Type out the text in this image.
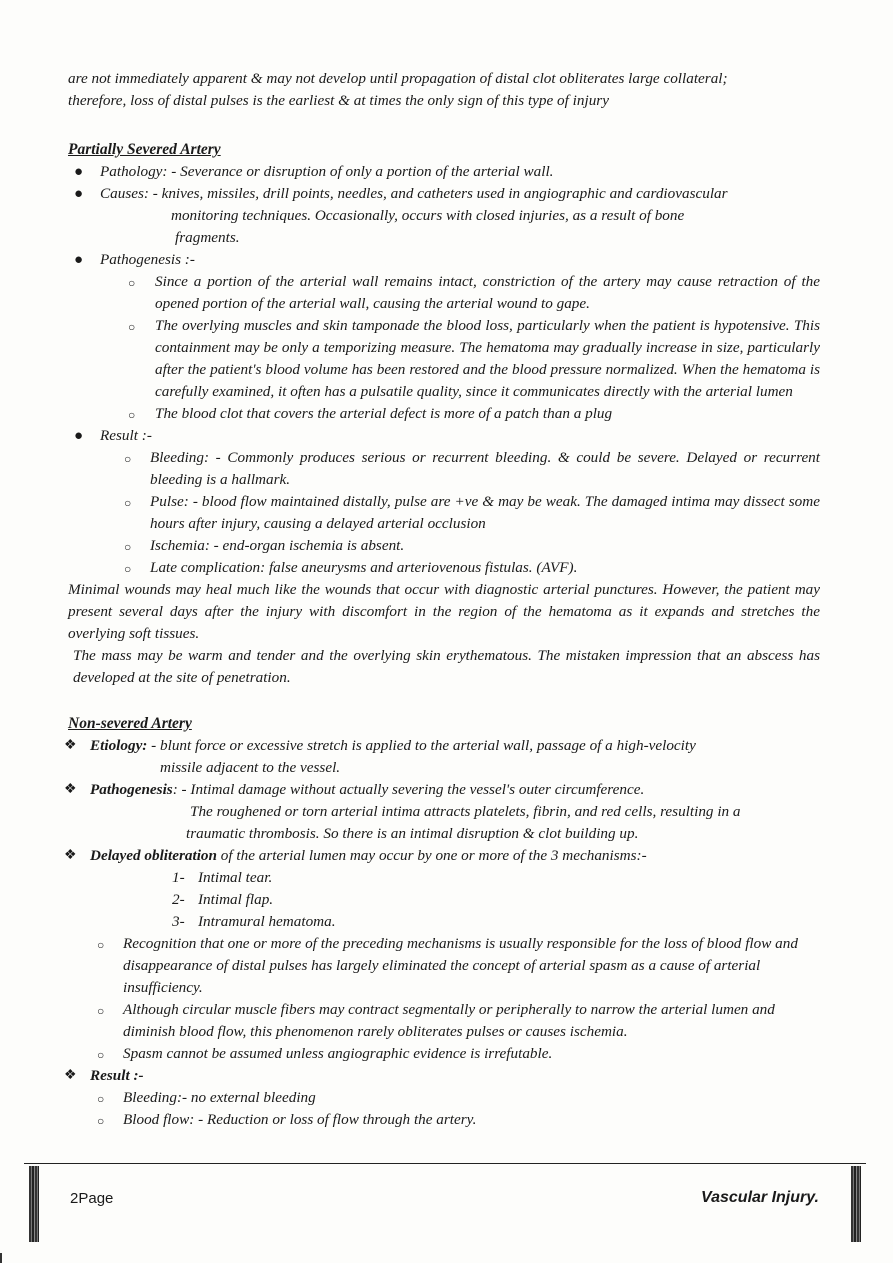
are not immediately apparent & may not develop until propagation of distal clot obliterates large collateral;

therefore, loss of distal pulses is the earliest & at times the only sign of this type of injury

Partially Severed Artery

● Pathology: - Severance or disruption of only a portion of the arterial wall.
● Causes: - knives, missiles, drill points, needles, and catheters used in angiographic and cardiovascular

monitoring techniques. Occasionally, occurs with closed injuries, as a result of bone

fragments.

● Pathogenesis :-
○ Since a portion of the arterial wall remains intact, constriction of the artery may cause retraction of the opened portion of the arterial wall, causing the arterial wound to gape.
○ The overlying muscles and skin tamponade the blood loss, particularly when the patient is hypotensive. This containment may be only a temporizing measure. The hematoma may gradually increase in size, particularly after the patient's blood volume has been restored and the blood pressure normalized. When the hematoma is carefully examined, it often has a pulsatile quality, since it communicates directly with the arterial lumen
○ The blood clot that covers the arterial defect is more of a patch than a plug
● Result :-
○ Bleeding: - Commonly produces serious or recurrent bleeding. & could be severe. Delayed or recurrent bleeding is a hallmark.
○ Pulse: - blood flow maintained distally, pulse are +ve & may be weak. The damaged intima may dissect some hours after injury, causing a delayed arterial occlusion
○ Ischemia: - end-organ ischemia is absent.
○ Late complication: false aneurysms and arteriovenous fistulas. (AVF).

Minimal wounds may heal much like the wounds that occur with diagnostic arterial punctures. However, the patient may present several days after the injury with discomfort in the region of the hematoma as it expands and stretches the overlying soft tissues.

The mass may be warm and tender and the overlying skin erythematous. The mistaken impression that an abscess has developed at the site of penetration.

Non-severed Artery

❖ Etiology: - blunt force or excessive stretch is applied to the arterial wall, passage of a high-velocity

missile adjacent to the vessel.

❖ Pathogenesis: - Intimal damage without actually severing the vessel's outer circumference.

The roughened or torn arterial intima attracts platelets, fibrin, and red cells, resulting in a

traumatic thrombosis. So there is an intimal disruption & clot building up.

❖ Delayed obliteration of the arterial lumen may occur by one or more of the 3 mechanisms:-
1- Intimal tear.
2- Intimal flap.
3- Intramural hematoma.
○ Recognition that one or more of the preceding mechanisms is usually responsible for the loss of blood flow and disappearance of distal pulses has largely eliminated the concept of arterial spasm as a cause of arterial insufficiency.
○ Although circular muscle fibers may contract segmentally or peripherally to narrow the arterial lumen and diminish blood flow, this phenomenon rarely obliterates pulses or causes ischemia.
○ Spasm cannot be assumed unless angiographic evidence is irrefutable.
❖ Result :-
○ Bleeding:- no external bleeding
○ Blood flow: - Reduction or loss of flow through the artery.
2Page	Vascular Injury.
